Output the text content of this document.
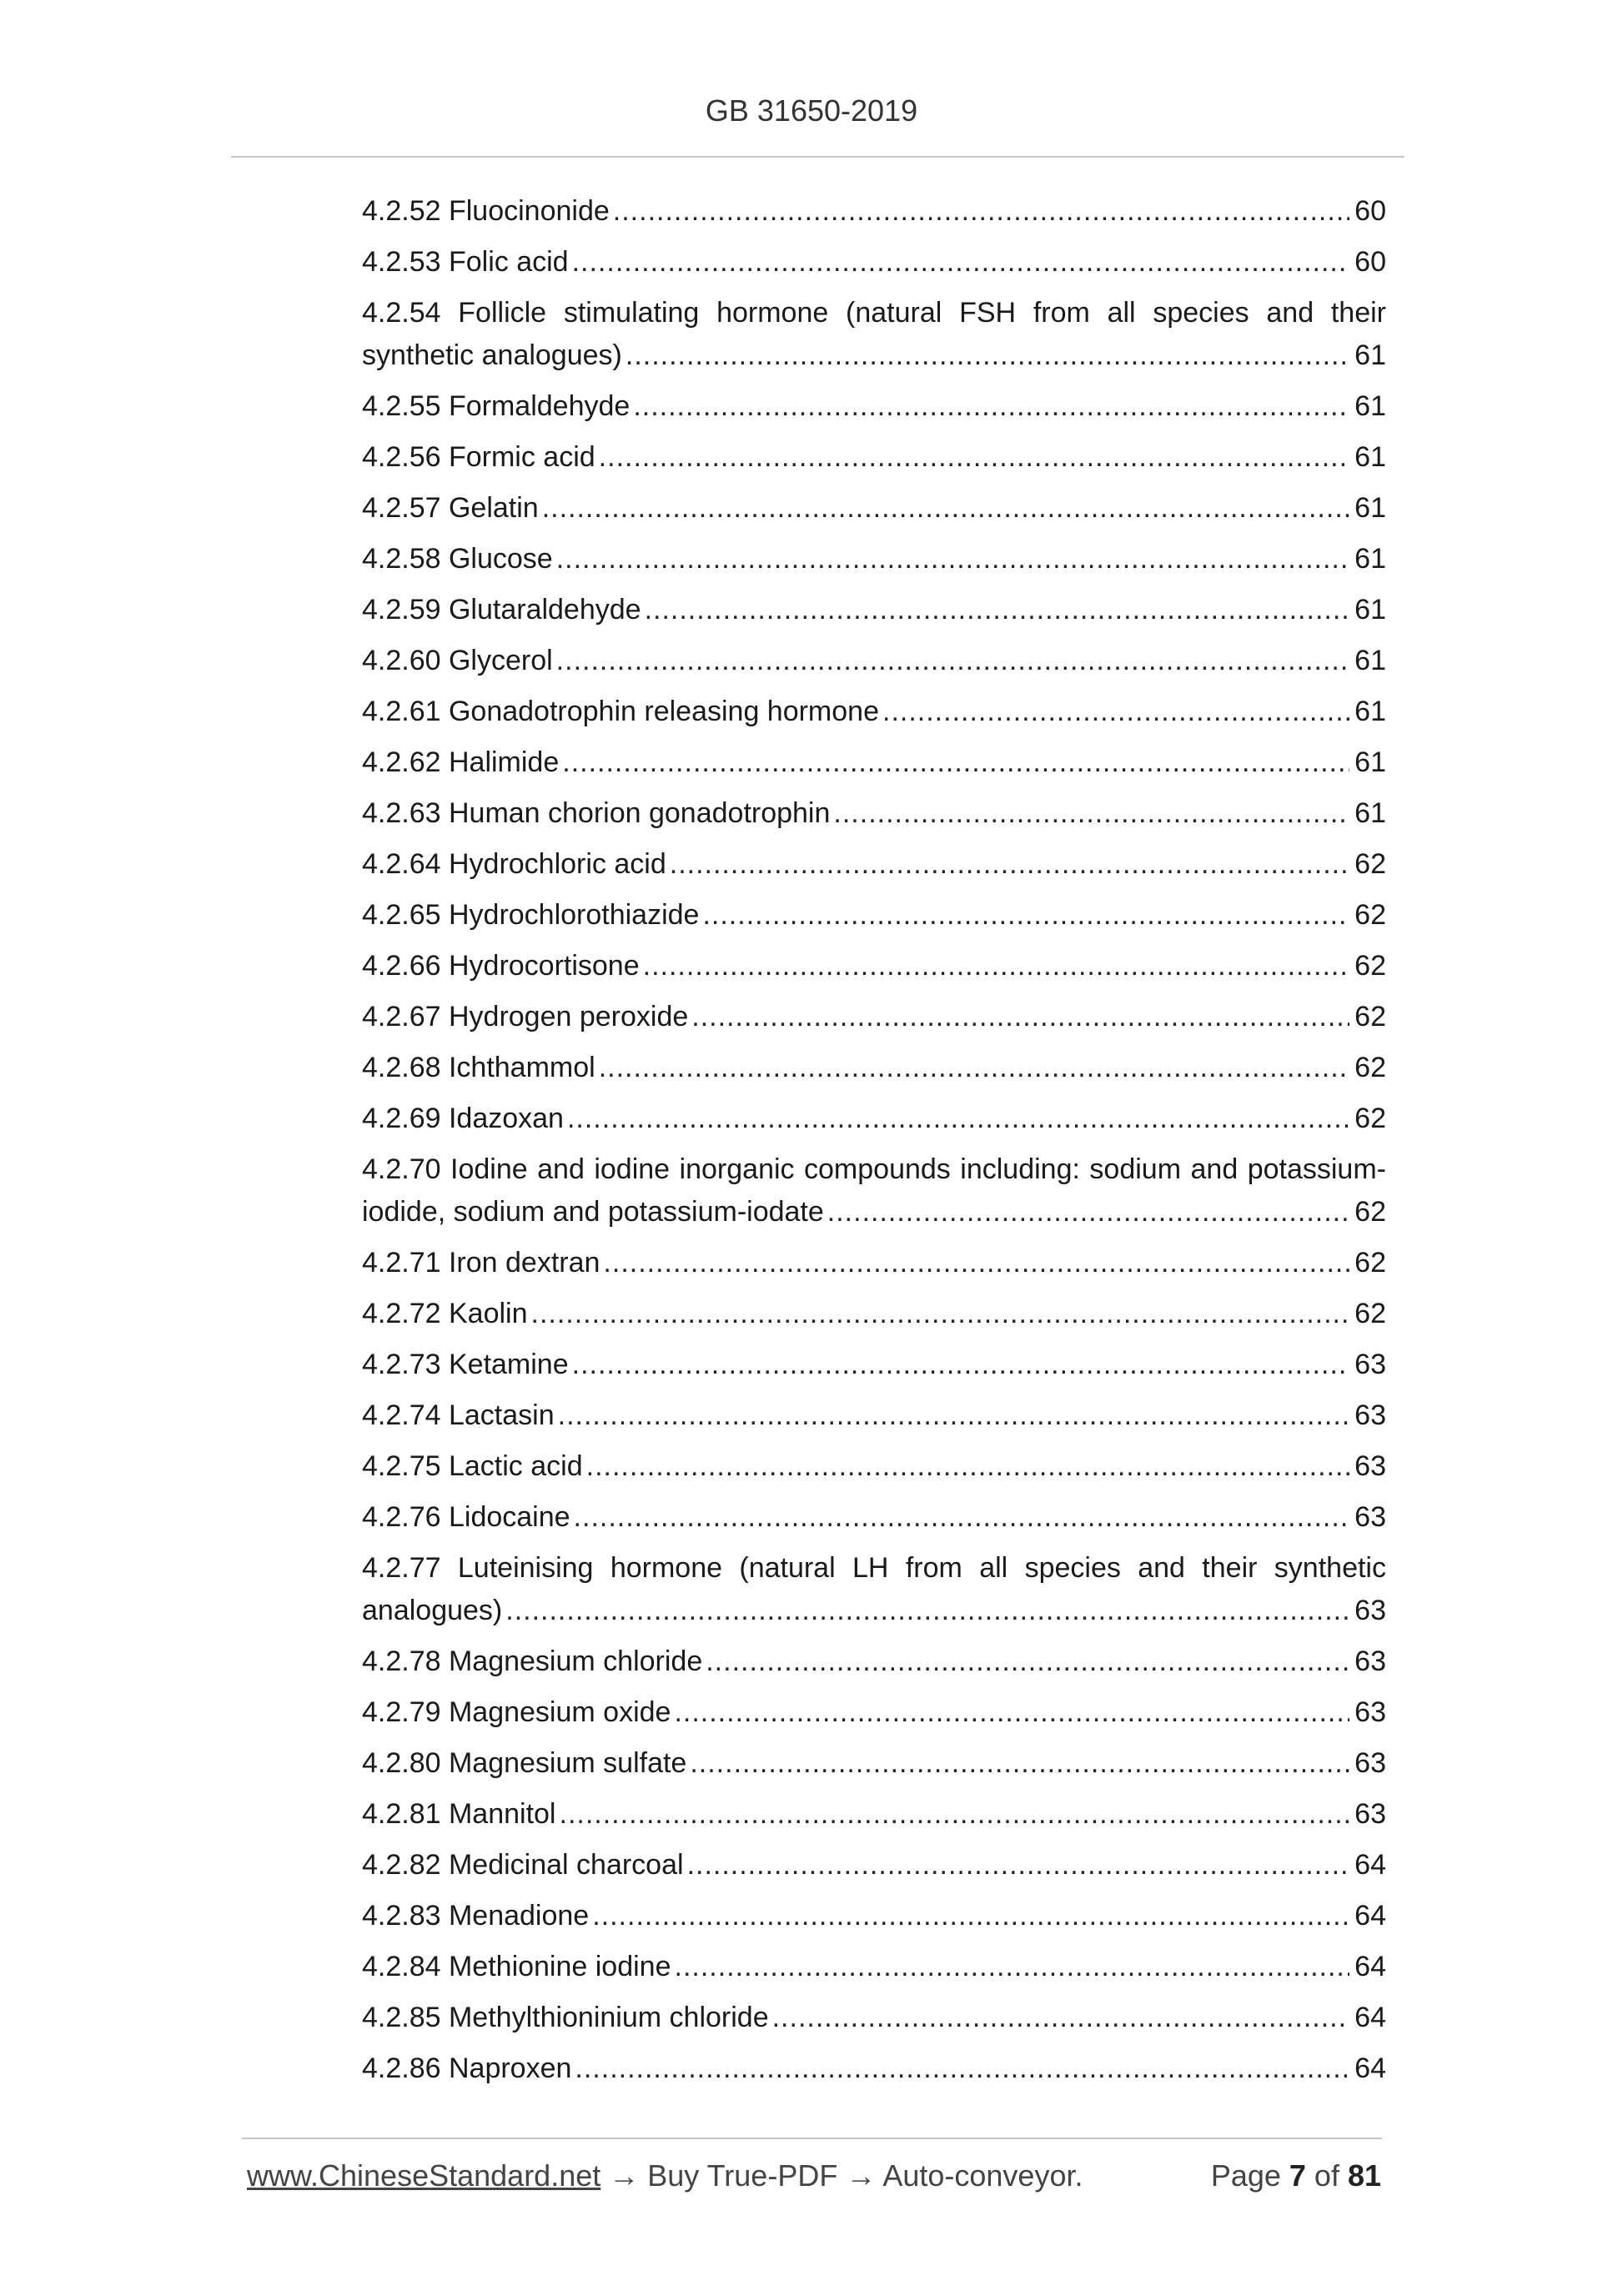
GB 31650-2019
4.2.52 Fluocinonide .....	60
4.2.53 Folic acid .....	60
4.2.54 Follicle stimulating hormone (natural FSH from all species and their
synthetic analogues) .....	61
4.2.55 Formaldehyde .....	61
4.2.56 Formic acid .....	61
4.2.57 Gelatin .....	61
4.2.58 Glucose .....	61
4.2.59 Glutaraldehyde .....	61
4.2.60 Glycerol .....	61
4.2.61 Gonadotrophin releasing hormone .....	61
4.2.62 Halimide .....	61
4.2.63 Human chorion gonadotrophin .....	61
4.2.64 Hydrochloric acid .....	62
4.2.65 Hydrochlorothiazide .....	62
4.2.66 Hydrocortisone .....	62
4.2.67 Hydrogen peroxide .....	62
4.2.68 Ichthammol .....	62
4.2.69 Idazoxan .....	62
4.2.70 Iodine and iodine inorganic compounds including: sodium and potassium-
iodide, sodium and potassium-iodate .....	62
4.2.71 Iron dextran .....	62
4.2.72 Kaolin .....	62
4.2.73 Ketamine .....	63
4.2.74 Lactasin .....	63
4.2.75 Lactic acid .....	63
4.2.76 Lidocaine .....	63
4.2.77 Luteinising hormone (natural LH from all species and their synthetic
analogues) .....	63
4.2.78 Magnesium chloride .....	63
4.2.79 Magnesium oxide .....	63
4.2.80 Magnesium sulfate .....	63
4.2.81 Mannitol .....	63
4.2.82 Medicinal charcoal .....	64
4.2.83 Menadione .....	64
4.2.84 Methionine iodine .....	64
4.2.85 Methylthioninium chloride .....	64
4.2.86 Naproxen .....	64
www.ChineseStandard.net → Buy True-PDF → Auto-conveyor.	Page 7 of 81
